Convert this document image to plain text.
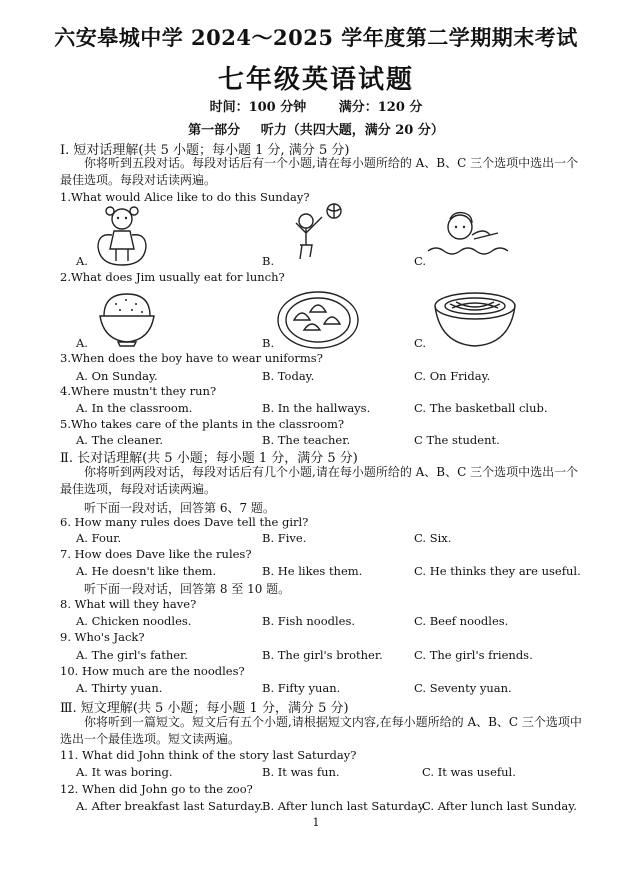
六安皋城中学 2024～2025 学年度第二学期期末考试
七年级英语试题
时间：100 分钟	满分：120 分
第一部分 听力（共四大题，满分 20 分）
Ⅰ. 短对话理解(共 5 小题；每小题 1 分, 满分 5 分)
你将听到五段对话。每段对话后有一个小题,请在每小题所给的 A、B、C 三个选项中选出一个最佳选项。每段对话读两遍。
1.What would Alice like to do this Sunday?
A.	B.	C.
2.What does Jim usually eat for lunch?
A.	B.	C.
3.When does the boy have to wear uniforms?
A. On Sunday.	B. Today.	C. On Friday.
4.Where mustn't they run?
A. In the classroom.	B. In the hallways.	C. The basketball club.
5.Who takes care of the plants in the classroom?
A. The cleaner.	B. The teacher.	C The student.
Ⅱ. 长对话理解(共 5 小题；每小题 1 分，满分 5 分)
你将听到两段对话，每段对话后有几个小题,请在每小题所给的 A、B、C 三个选项中选出一个最佳选项，每段对话读两遍。
听下面一段对话，回答第 6、7 题。
6. How many rules does Dave tell the girl?
A. Four.	B. Five.	C. Six.
7. How does Dave like the rules?
A. He doesn't like them.	B. He likes them.	C. He thinks they are useful.
听下面一段对话，回答第 8 至 10 题。
8. What will they have?
A. Chicken noodles.	B. Fish noodles.	C. Beef noodles.
9. Who's Jack?
A. The girl's father.	B. The girl's brother.	C. The girl's friends.
10. How much are the noodles?
A. Thirty yuan.	B. Fifty yuan.	C. Seventy yuan.
Ⅲ. 短文理解(共 5 小题；每小题 1 分，满分 5 分)
你将听到一篇短文。短文后有五个小题,请根据短文内容,在每小题所给的 A、B、C 三个选项中选出一个最佳选项。短文读两遍。
11. What did John think of the story last Saturday?
A. It was boring.	B. It was fun.	C. It was useful.
12. When did John go to the zoo?
A. After breakfast last Saturday.
B. After lunch last Saturday.
C. After lunch last Sunday.
1
